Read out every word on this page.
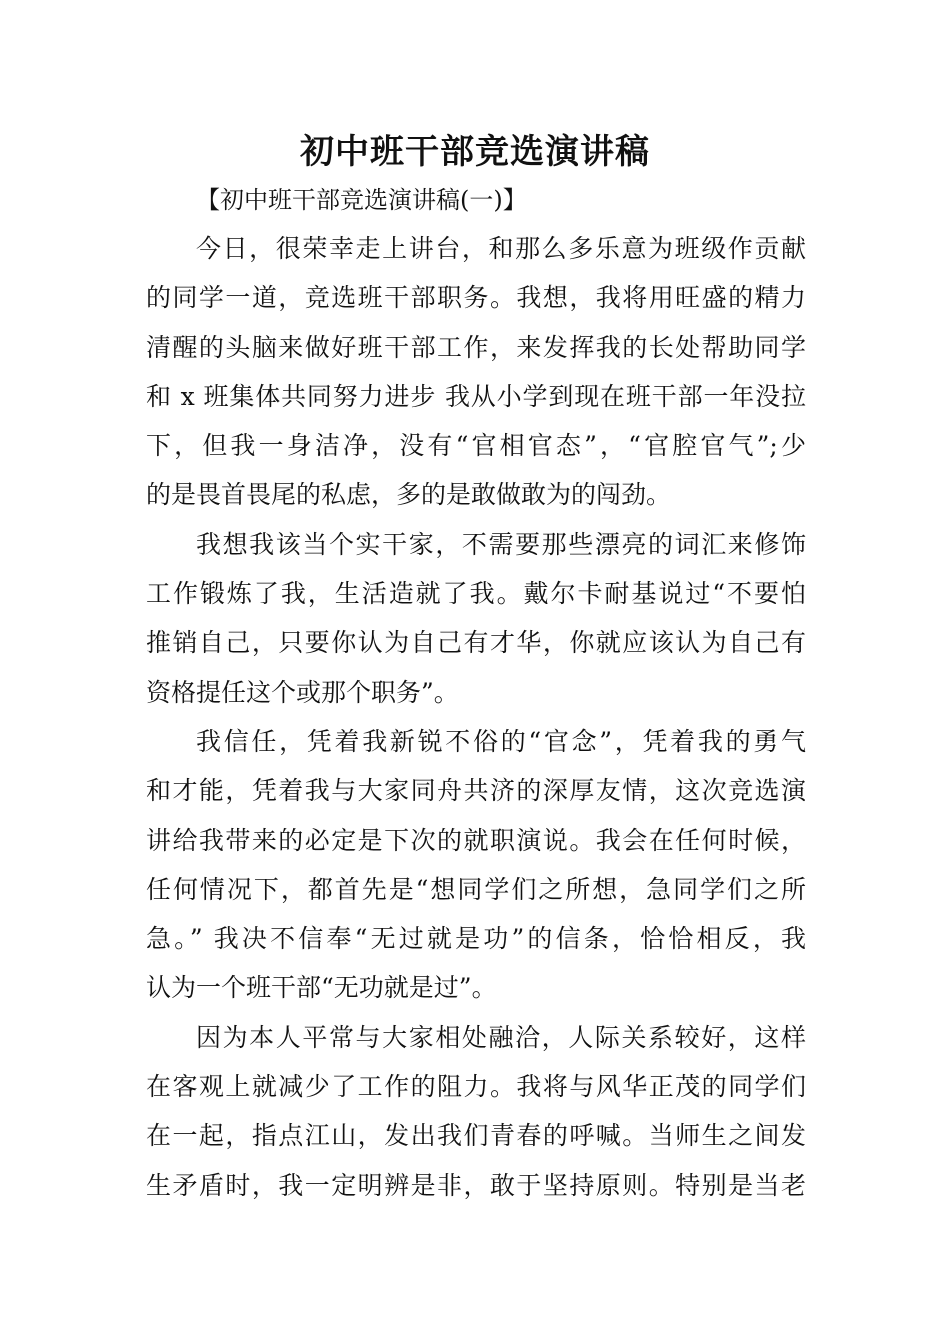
初中班干部竞选演讲稿
【初中班干部竞选演讲稿(一)】
今日，很荣幸走上讲台，和那么多乐意为班级作贡献
的同学一道，竞选班干部职务。我想，我将用旺盛的精力
清醒的头脑来做好班干部工作，来发挥我的长处帮助同学
和 x 班集体共同努力进步 我从小学到现在班干部一年没拉
下，但我一身洁净，没有“官相官态”，“官腔官气”;少
的是畏首畏尾的私虑，多的是敢做敢为的闯劲。
我想我该当个实干家，不需要那些漂亮的词汇来修饰
工作锻炼了我，生活造就了我。戴尔卡耐基说过“不要怕
推销自己，只要你认为自己有才华，你就应该认为自己有
资格提任这个或那个职务”。
我信任，凭着我新锐不俗的“官念”，凭着我的勇气
和才能，凭着我与大家同舟共济的深厚友情，这次竞选演
讲给我带来的必定是下次的就职演说。我会在任何时候，
任何情况下，都首先是“想同学们之所想，急同学们之所
急。” 我决不信奉“无过就是功”的信条，恰恰相反，我
认为一个班干部“无功就是过”。
因为本人平常与大家相处融洽，人际关系较好，这样
在客观上就减少了工作的阻力。我将与风华正茂的同学们
在一起，指点江山，发出我们青春的呼喊。当师生之间发
生矛盾时，我一定明辨是非，敢于坚持原则。特别是当老
